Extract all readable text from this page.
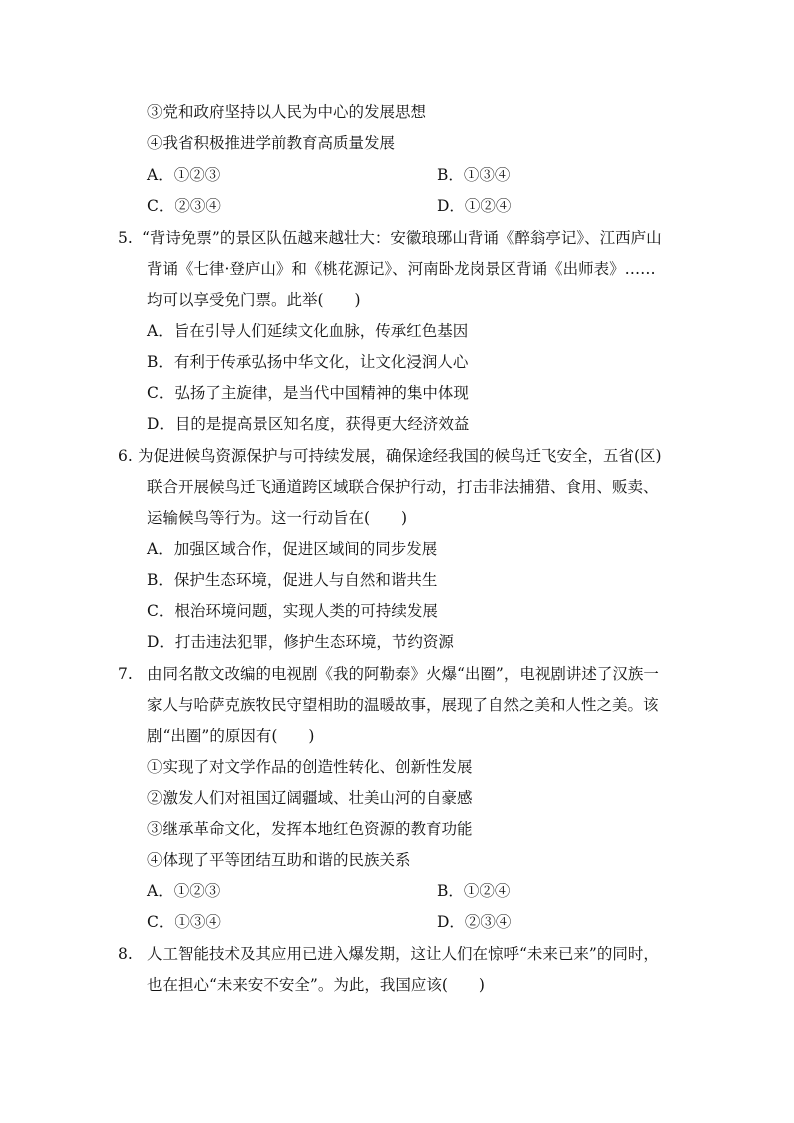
③党和政府坚持以人民为中心的发展思想
④我省积极推进学前教育高质量发展
A．①②③	B．①③④
C．②③④	D．①②④
5. “背诗免票”的景区队伍越来越壮大：安徽琅琊山背诵《醉翁亭记》、江西庐山
背诵《七律·登庐山》和《桃花源记》、河南卧龙岗景区背诵《出师表》……
均可以享受免门票。此举(　　)
A．旨在引导人们延续文化血脉，传承红色基因
B．有利于传承弘扬中华文化，让文化浸润人心
C．弘扬了主旋律，是当代中国精神的集中体现
D．目的是提高景区知名度，获得更大经济效益
6. 为促进候鸟资源保护与可持续发展，确保途经我国的候鸟迁飞安全，五省(区)
联合开展候鸟迁飞通道跨区域联合保护行动，打击非法捕猎、食用、贩卖、
运输候鸟等行为。这一行动旨在(　　)
A．加强区域合作，促进区域间的同步发展
B．保护生态环境，促进人与自然和谐共生
C．根治环境问题，实现人类的可持续发展
D．打击违法犯罪，修护生态环境，节约资源
7. 由同名散文改编的电视剧《我的阿勒泰》火爆“出圈”，电视剧讲述了汉族一
家人与哈萨克族牧民守望相助的温暖故事，展现了自然之美和人性之美。该
剧“出圈”的原因有(　　)
①实现了对文学作品的创造性转化、创新性发展
②激发人们对祖国辽阔疆域、壮美山河的自豪感
③继承革命文化，发挥本地红色资源的教育功能
④体现了平等团结互助和谐的民族关系
A．①②③	B．①②④
C．①③④	D．②③④
8. 人工智能技术及其应用已进入爆发期，这让人们在惊呼“未来已来”的同时，
也在担心“未来安不安全”。为此，我国应该(　　)
